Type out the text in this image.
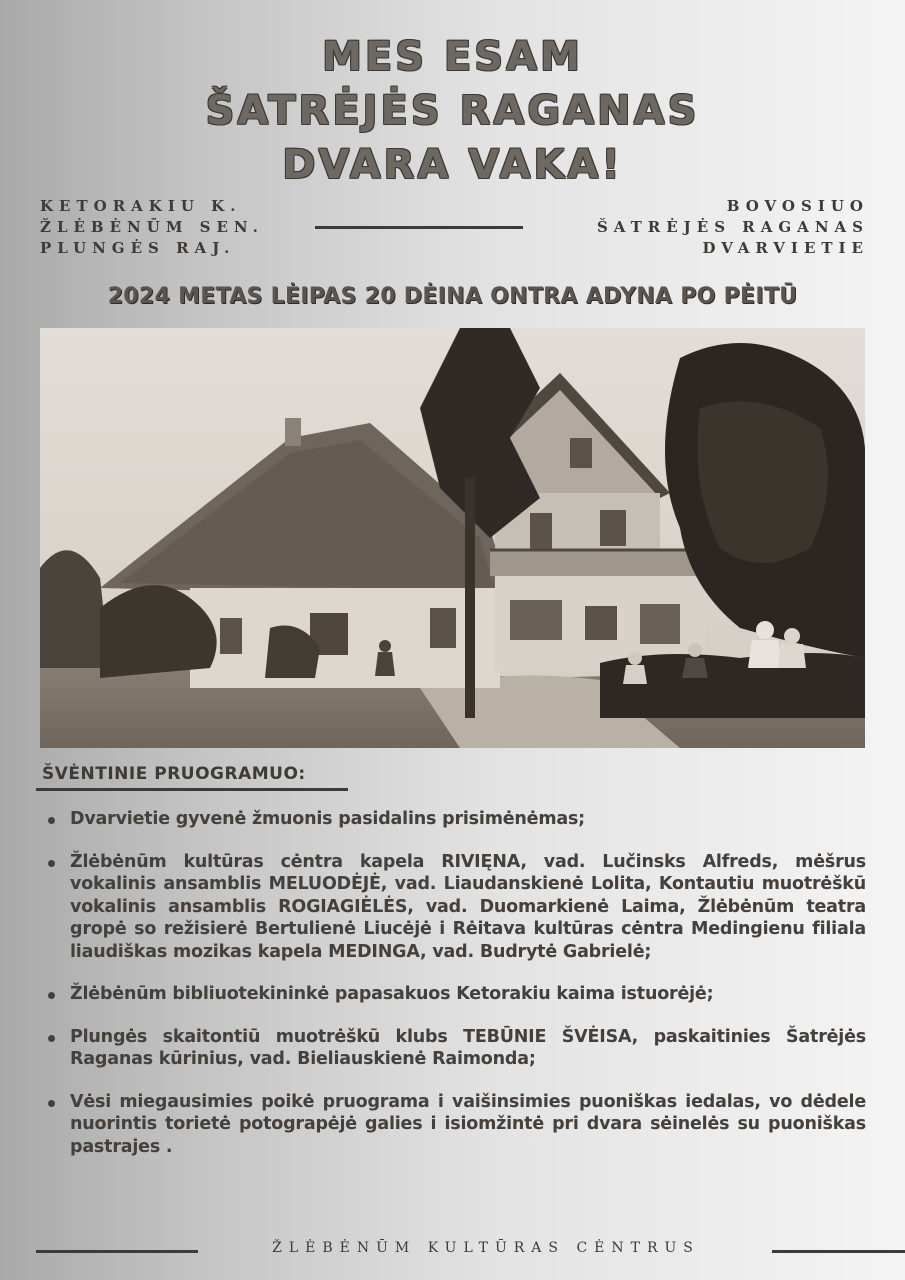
MES ESAM
ŠATRĖJĖS RAGANAS
DVARA VAKA!
KETORAKIU K.
ŽLĖBĖNŪM SEN.
PLUNGĖS RAJ.
BOVOSIUO
ŠATRĖJĖS RAGANAS
DVARVIETIE
2024 METAS LĖIPAS 20 DĖINA ONTRA ADYNA PO PĖITŪ
ŠVĖNTINIE PRUOGRAMUO:
Dvarvietie gyvenė žmuonis pasidalins prisimėnėmas;
Žlėbėnūm kultūras cėntra kapela RIVIĘNA, vad. Lučinsks Alfreds, mėšrus vokalinis ansamblis MELUODĖJĖ, vad. Liaudanskienė Lolita, Kontautiu muotrėškū vokalinis ansamblis ROGIAGIĖLĖS, vad. Duomarkienė Laima, Žlėbėnūm teatra gropė so režisierė Bertulienė Liucėjė i Rėitava kultūras cėntra Medingienu filiala liaudiškas mozikas kapela MEDINGA, vad. Budrytė Gabrielė;
Žlėbėnūm bibliuotekininkė papasakuos Ketorakiu kaima istuorėjė;
Plungės skaitontiū muotrėškū klubs TEBŪNIE ŠVĖISA, paskaitinies Šatrėjės Raganas kūrinius, vad. Bieliauskienė Raimonda;
Vėsi miegausimies poikė pruograma i vaišinsimies puoniškas iedalas, vo dėdele nuorintis torietė potograpėjė galies i isiomžintė pri dvara sėinelės su puoniškas pastrajes .
ŽLĖBĖNŪM KULTŪRAS CĖNTRUS
